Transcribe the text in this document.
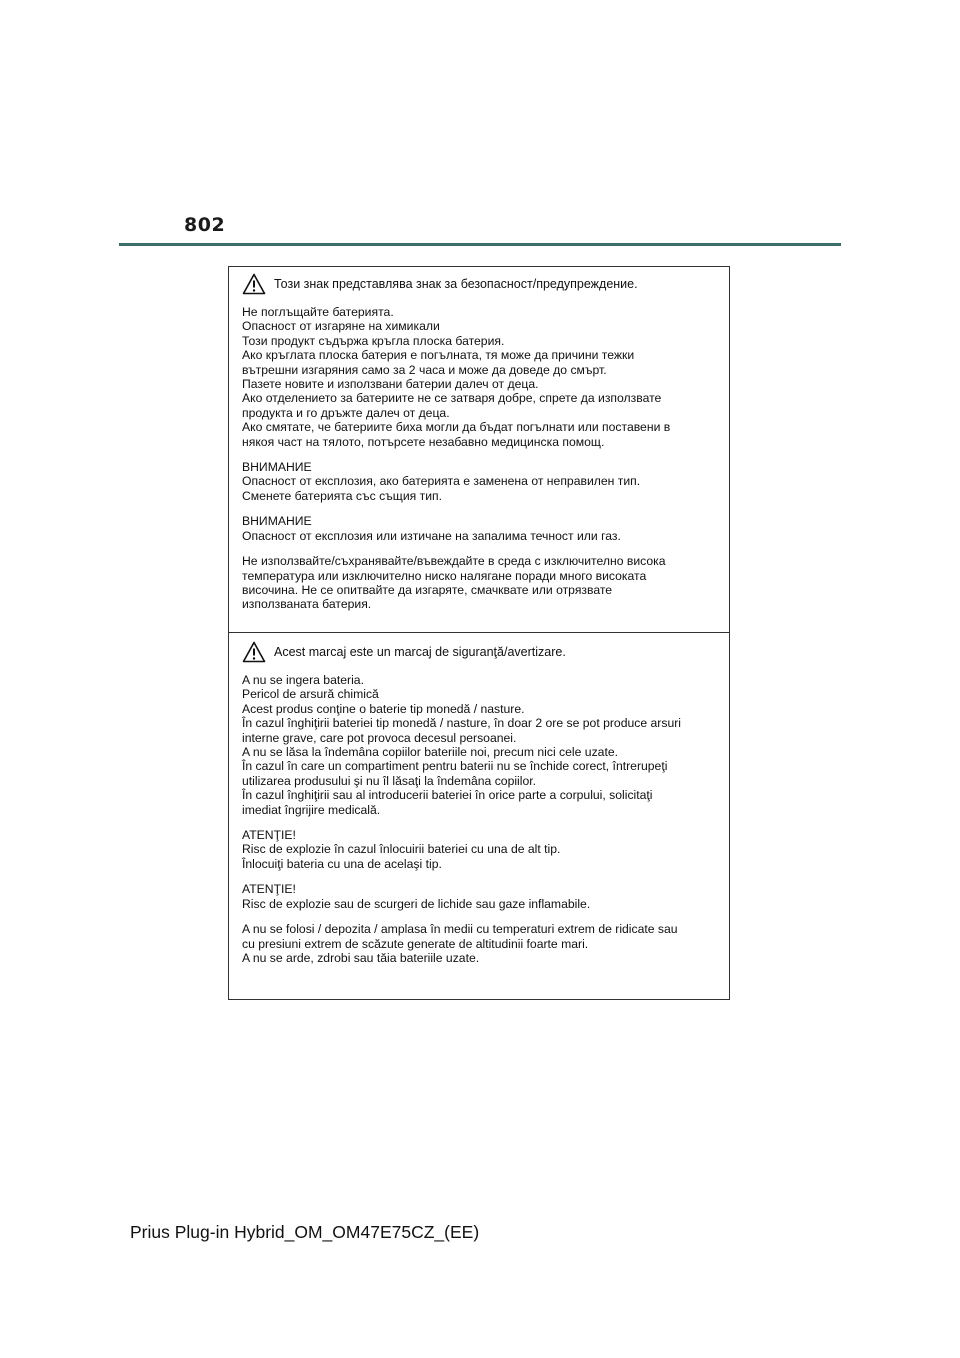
802
Този знак представлява знак за безопасност/предупреждение.
Не поглъщайте батерията.
Опасност от изгаряне на химикали
Този продукт съдържа кръгла плоска батерия.
Ако кръглата плоска батерия е погълната, тя може да причини тежки
вътрешни изгаряния само за 2 часа и може да доведе до смърт.
Пазете новите и използвани батерии далеч от деца.
Ако отделението за батериите не се затваря добре, спрете да използвате
продукта и го дръжте далеч от деца.
Ако смятате, че батериите биха могли да бъдат погълнати или поставени в
някоя част на тялото, потърсете незабавно медицинска помощ.
ВНИМАНИЕ
Опасност от експлозия, ако батерията е заменена от неправилен тип.
Сменете батерията със същия тип.
ВНИМАНИЕ
Опасност от експлозия или изтичане на запалима течност или газ.
Не използвайте/съхранявайте/въвеждайте в среда с изключително висока
температура или изключително ниско налягане поради много високата
височина. Не се опитвайте да изгаряте, смачквате или отрязвате
използваната батерия.
Acest marcaj este un marcaj de siguranţă/avertizare.
A nu se ingera bateria.
Pericol de arsură chimică
Acest produs conţine o baterie tip monedă / nasture.
În cazul înghiţirii bateriei tip monedă / nasture, în doar 2 ore se pot produce arsuri
interne grave, care pot provoca decesul persoanei.
A nu se lăsa la îndemâna copiilor bateriile noi, precum nici cele uzate.
În cazul în care un compartiment pentru baterii nu se închide corect, întrerupeţi
utilizarea produsului şi nu îl lăsaţi la îndemâna copiilor.
În cazul înghiţirii sau al introducerii bateriei în orice parte a corpului, solicitaţi
imediat îngrijire medicală.
ATENŢIE!
Risc de explozie în cazul înlocuirii bateriei cu una de alt tip.
Înlocuiţi bateria cu una de acelaşi tip.
ATENŢIE!
Risc de explozie sau de scurgeri de lichide sau gaze inflamabile.
A nu se folosi / depozita / amplasa în medii cu temperaturi extrem de ridicate sau
cu presiuni extrem de scăzute generate de altitudinii foarte mari.
A nu se arde, zdrobi sau tăia bateriile uzate.
Prius Plug-in Hybrid_OM_OM47E75CZ_(EE)
